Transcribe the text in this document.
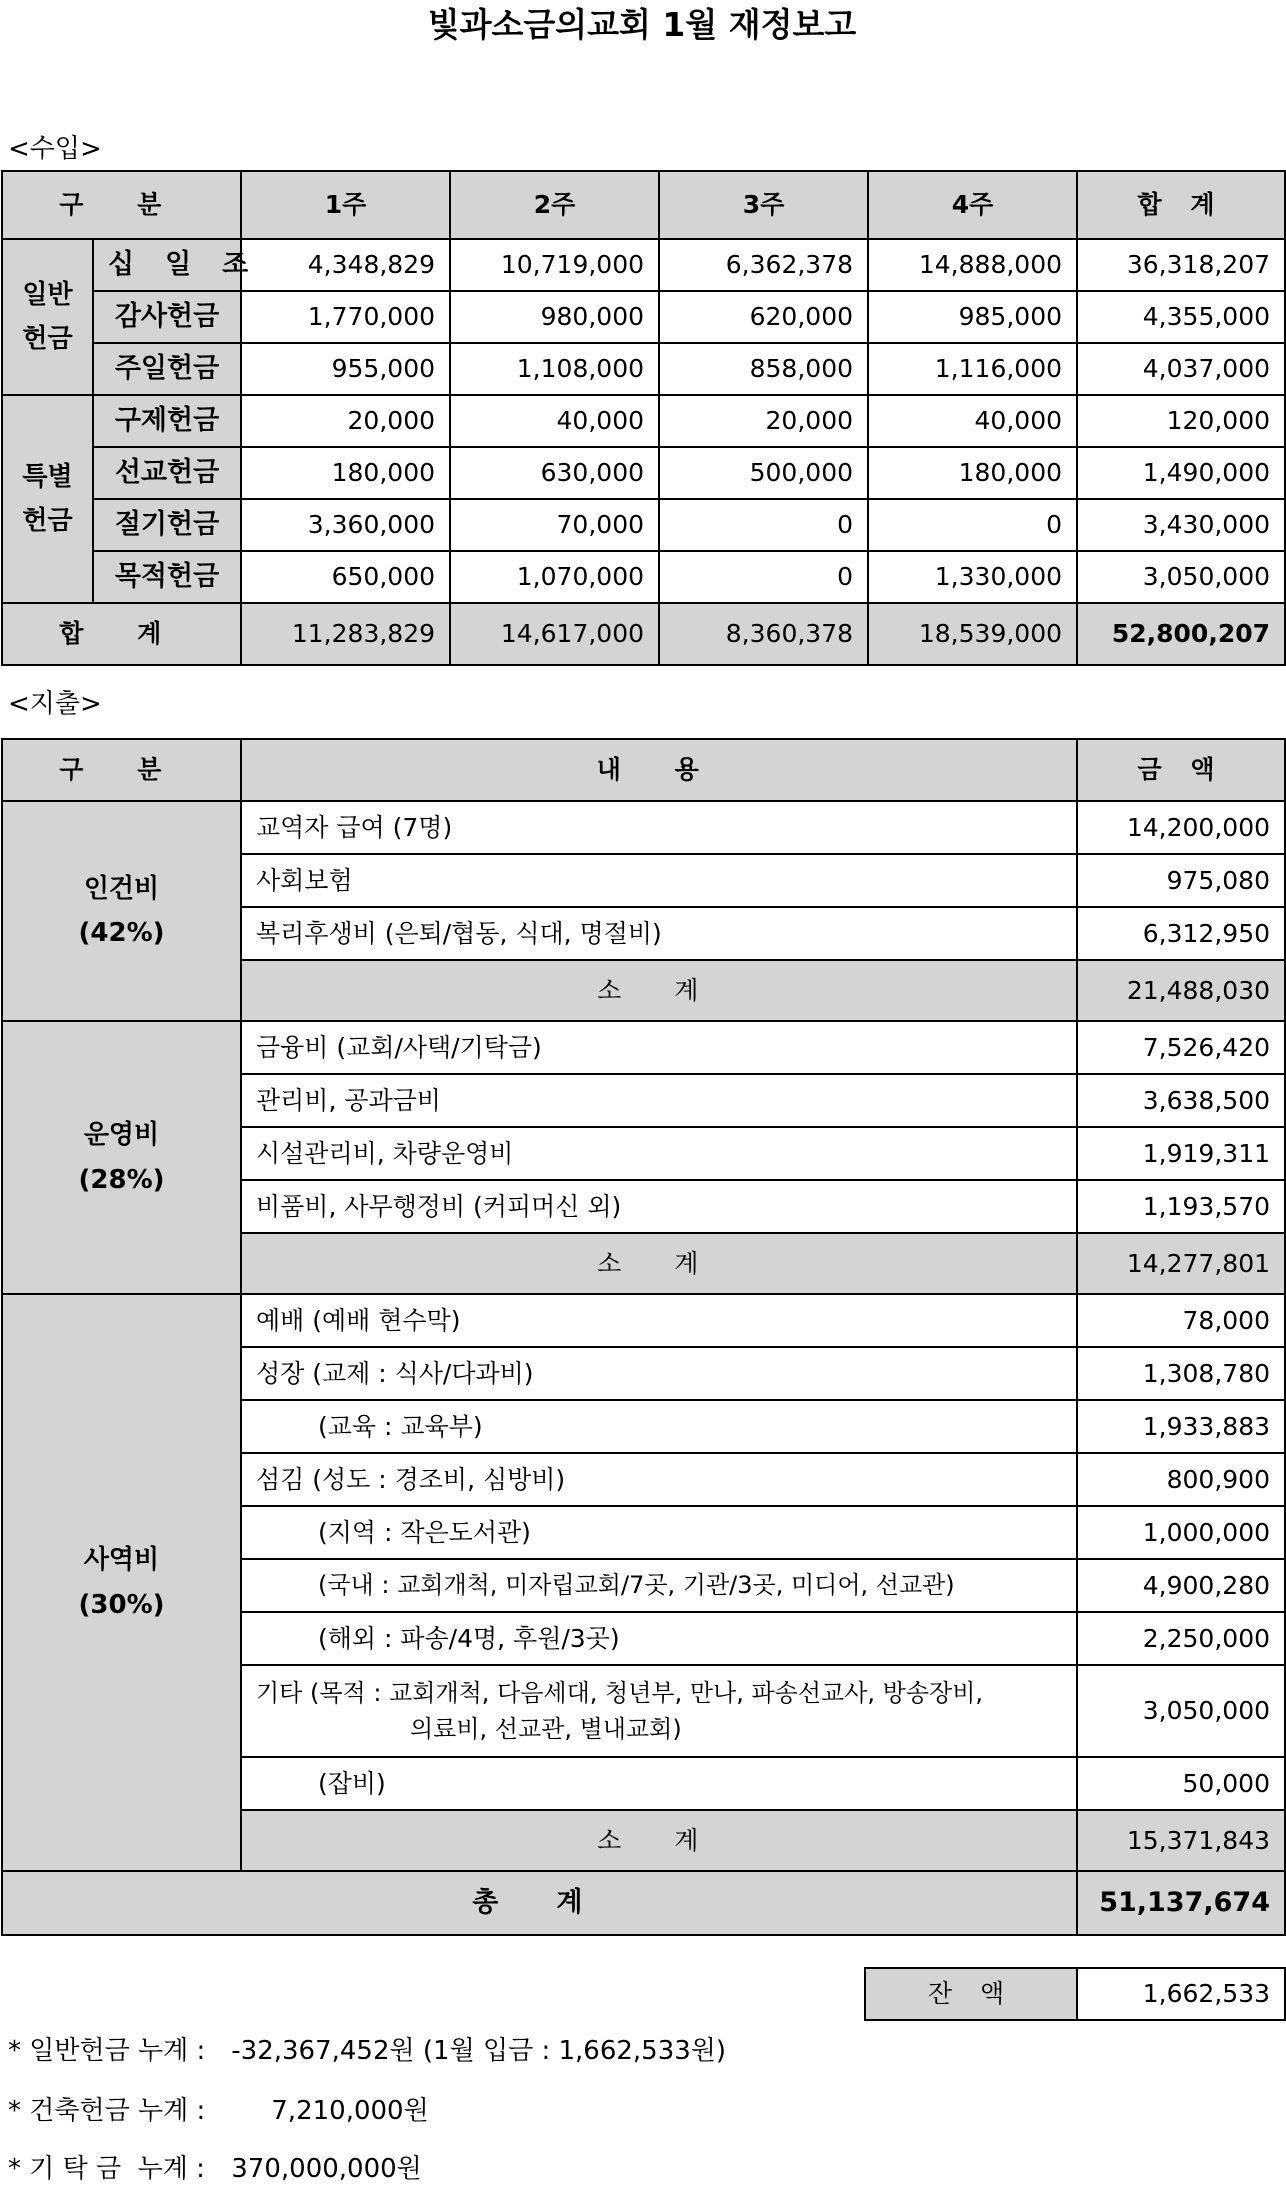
빛과소금의교회 1월 재정보고
<수입>
구 분		1주	2주	3주	4주	합 계

일반
헌금	십 일 조	4,348,829	10,719,000	6,362,378	14,888,000	36,318,207
	감사헌금	1,770,000	980,000	620,000	985,000	4,355,000
	주일헌금	955,000	1,108,000	858,000	1,116,000	4,037,000

특별
헌금	구제헌금	20,000	40,000	20,000	40,000	120,000
	선교헌금	180,000	630,000	500,000	180,000	1,490,000
	절기헌금	3,360,000	70,000	0	0	3,430,000
	목적헌금	650,000	1,070,000	0	1,330,000	3,050,000
합 계		11,283,829	14,617,000	8,360,378	18,539,000	52,800,207
<지출>
구 분	내 용	금 액

인건비
(42%)	교역자 급여 (7명)	14,200,000
	사회보험	975,080
	복리후생비 (은퇴/협동, 식대, 명절비)	6,312,950
	소 계	21,488,030

운영비
(28%)	금융비 (교회/사택/기탁금)	7,526,420
	관리비, 공과금비	3,638,500
	시설관리비, 차량운영비	1,919,311
	비품비, 사무행정비 (커피머신 외)	1,193,570
	소 계	14,277,801

사역비
(30%)	예배 (예배 현수막)	78,000
	성장 (교제 : 식사/다과비)	1,308,780
	(교육 : 교육부)	1,933,883
	섬김 (성도 : 경조비, 심방비)	800,900
	(지역 : 작은도서관)	1,000,000
	(국내 : 교회개척, 미자립교회/7곳, 기관/3곳, 미디어, 선교관)	4,900,280
	(해외 : 파송/4명, 후원/3곳)	2,250,000

	기타 (목적 : 교회개척, 다음세대, 청년부, 만나, 파송선교사, 방송장비,
의료비, 선교관, 별내교회)	3,050,000
	(잡비)	50,000
	소 계	15,371,843
총 계		51,137,674
잔 액	1,662,533
* 일반헌금 누계 : -32,367,452원 (1월 입금 : 1,662,533원)
* 건축헌금 누계 :	7,210,000원
* 기 탁 금  누계 : 370,000,000원
